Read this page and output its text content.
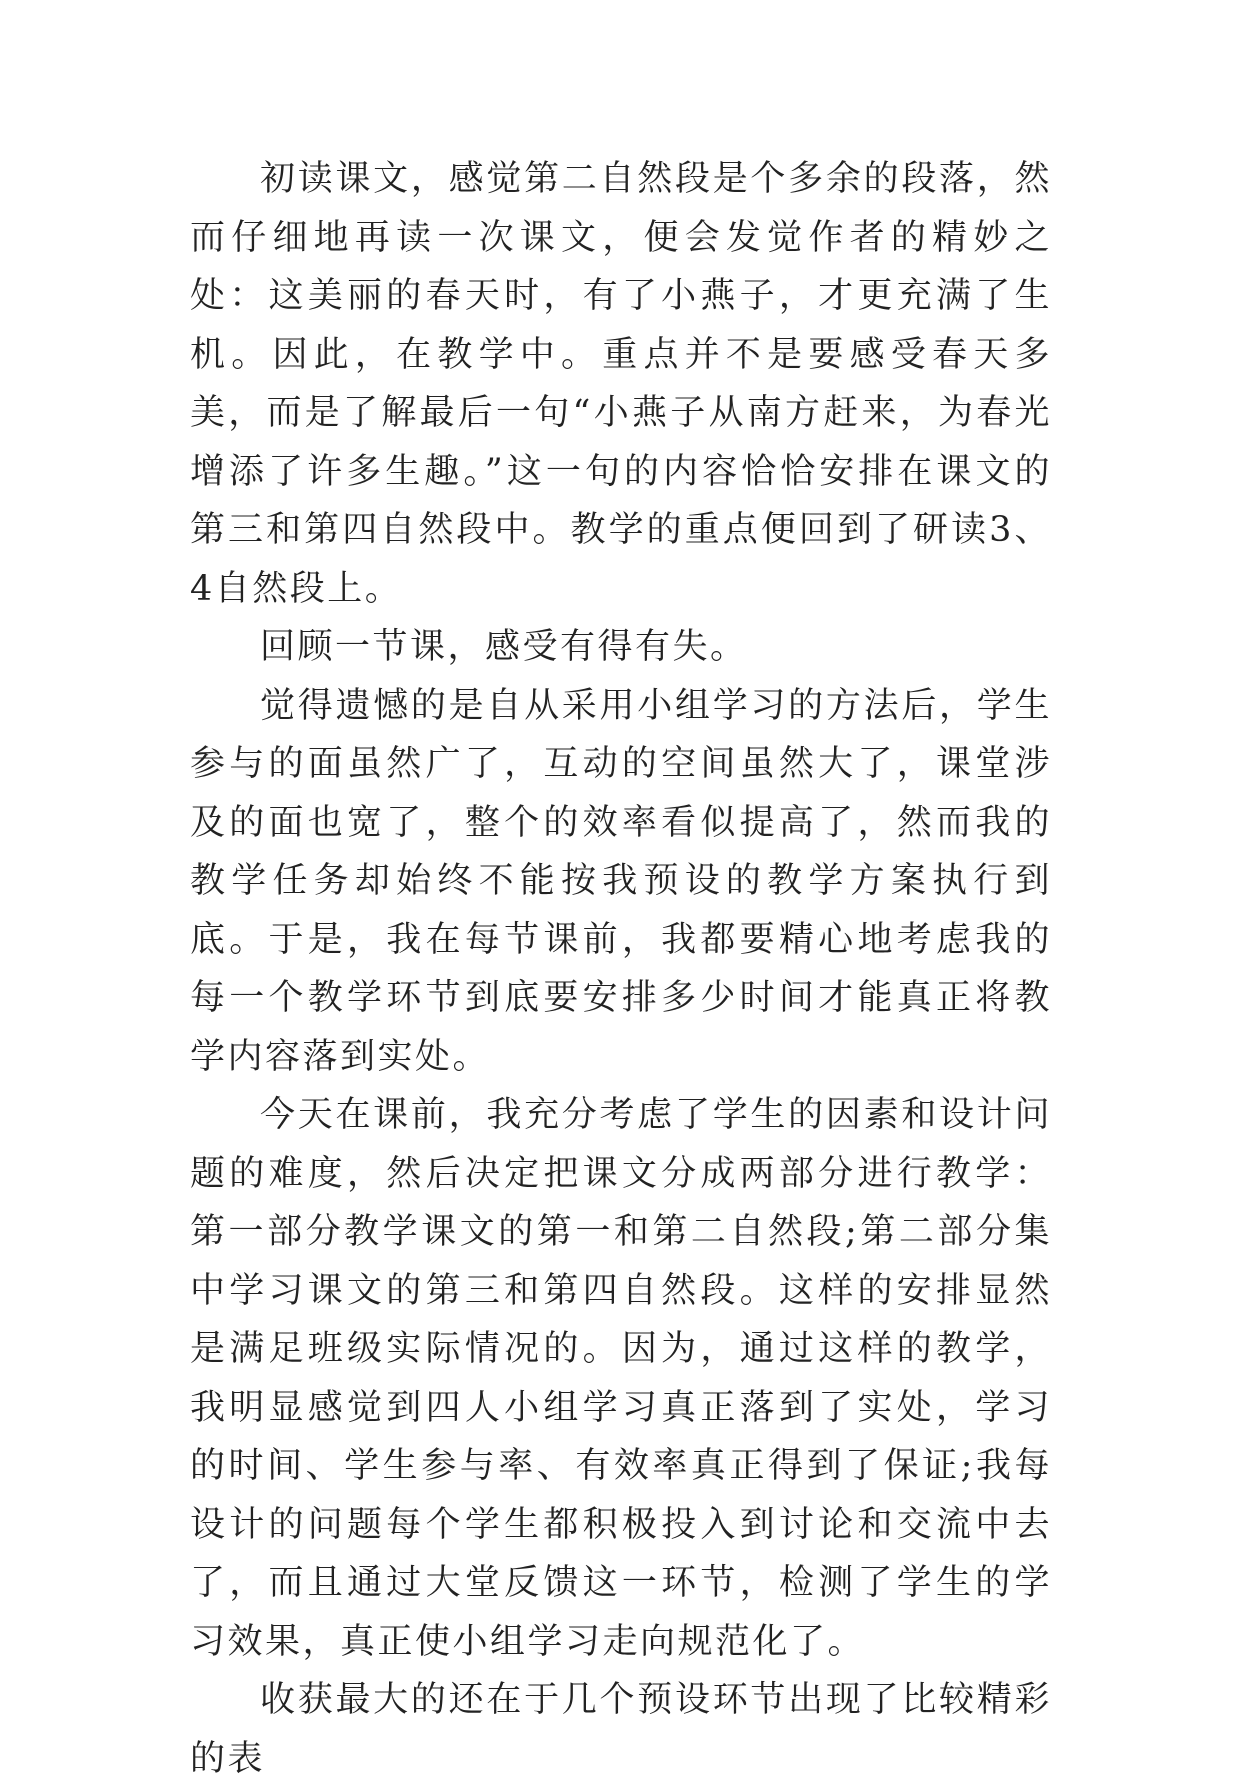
初读课文，感觉第二自然段是个多余的段落，然而仔细地再读一次课文，便会发觉作者的精妙之处：这美丽的春天时，有了小燕子，才更充满了生机。因此，在教学中。重点并不是要感受春天多美，而是了解最后一句“小燕子从南方赶来，为春光增添了许多生趣。”这一句的内容恰恰安排在课文的第三和第四自然段中。教学的重点便回到了研读3、4自然段上。

回顾一节课，感受有得有失。

觉得遗憾的是自从采用小组学习的方法后，学生参与的面虽然广了，互动的空间虽然大了，课堂涉及的面也宽了，整个的效率看似提高了，然而我的教学任务却始终不能按我预设的教学方案执行到底。于是，我在每节课前，我都要精心地考虑我的每一个教学环节到底要安排多少时间才能真正将教学内容落到实处。

今天在课前，我充分考虑了学生的因素和设计问题的难度，然后决定把课文分成两部分进行教学：第一部分教学课文的第一和第二自然段;第二部分集中学习课文的第三和第四自然段。这样的安排显然是满足班级实际情况的。因为，通过这样的教学，我明显感觉到四人小组学习真正落到了实处，学习的时间、学生参与率、有效率真正得到了保证;我每设计的问题每个学生都积极投入到讨论和交流中去了，而且通过大堂反馈这一环节，检测了学生的学习效果，真正使小组学习走向规范化了。

收获最大的还在于几个预设环节出现了比较精彩的表
